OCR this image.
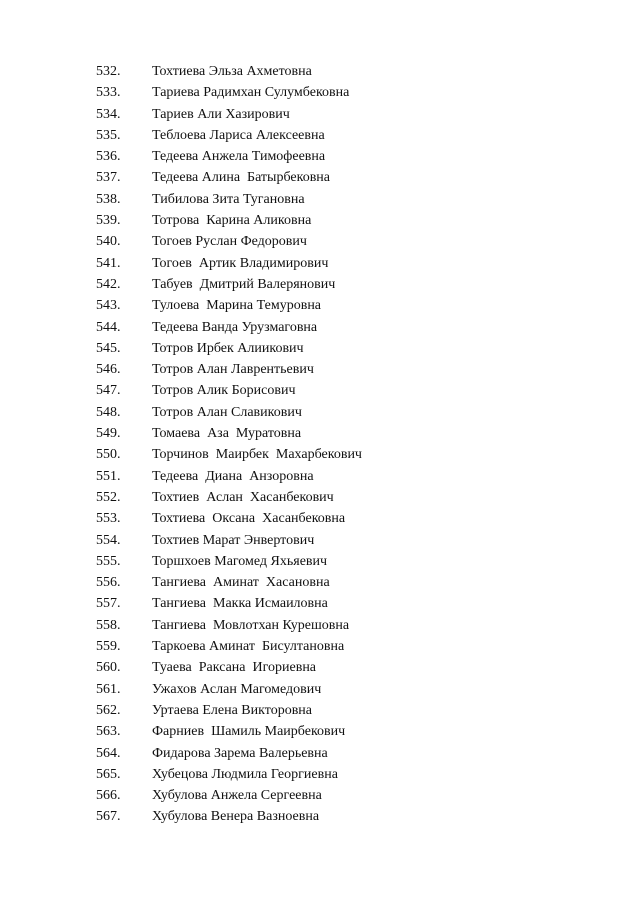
532. Тохтиева Эльза Ахметовна
533. Тариева Радимхан Сулумбековна
534. Тариев Али Хазирович
535. Теблоева Лариса Алексеевна
536. Тедеева Анжела Тимофеевна
537. Тедеева Алина  Батырбековна
538. Тибилова Зита Тугановна
539. Тотрова  Карина Аликовна
540. Тогоев Руслан Федорович
541. Тогоев  Артик Владимирович
542. Табуев  Дмитрий Валерянович
543. Тулоева  Марина Темуровна
544. Тедеева Ванда Урузмаговна
545. Тотров Ирбек Алиикович
546. Тотров Алан Лаврентьевич
547. Тотров Алик Борисович
548. Тотров Алан Славикович
549. Томаева  Аза  Муратовна
550. Торчинов  Маирбек  Махарбекович
551. Тедеева  Диана  Анзоровна
552. Тохтиев  Аслан  Хасанбекович
553. Тохтиева  Оксана  Хасанбековна
554. Тохтиев Марат Энвертович
555. Торшхоев Магомед Яхьяевич
556. Тангиева  Аминат  Хасановна
557. Тангиева  Макка Исмаиловна
558. Тангиева  Мовлотхан Курешовна
559. Таркоева Аминат  Бисултановна
560. Туаева  Раксана  Игориевна
561. Ужахов Аслан Магомедович
562. Уртаева Елена Викторовна
563. Фарниев  Шамиль Маирбекович
564. Фидарова Зарема Валерьевна
565. Хубецова Людмила Георгиевна
566. Хубулова Анжела Сергеевна
567. Хубулова Венера Вазноевна
